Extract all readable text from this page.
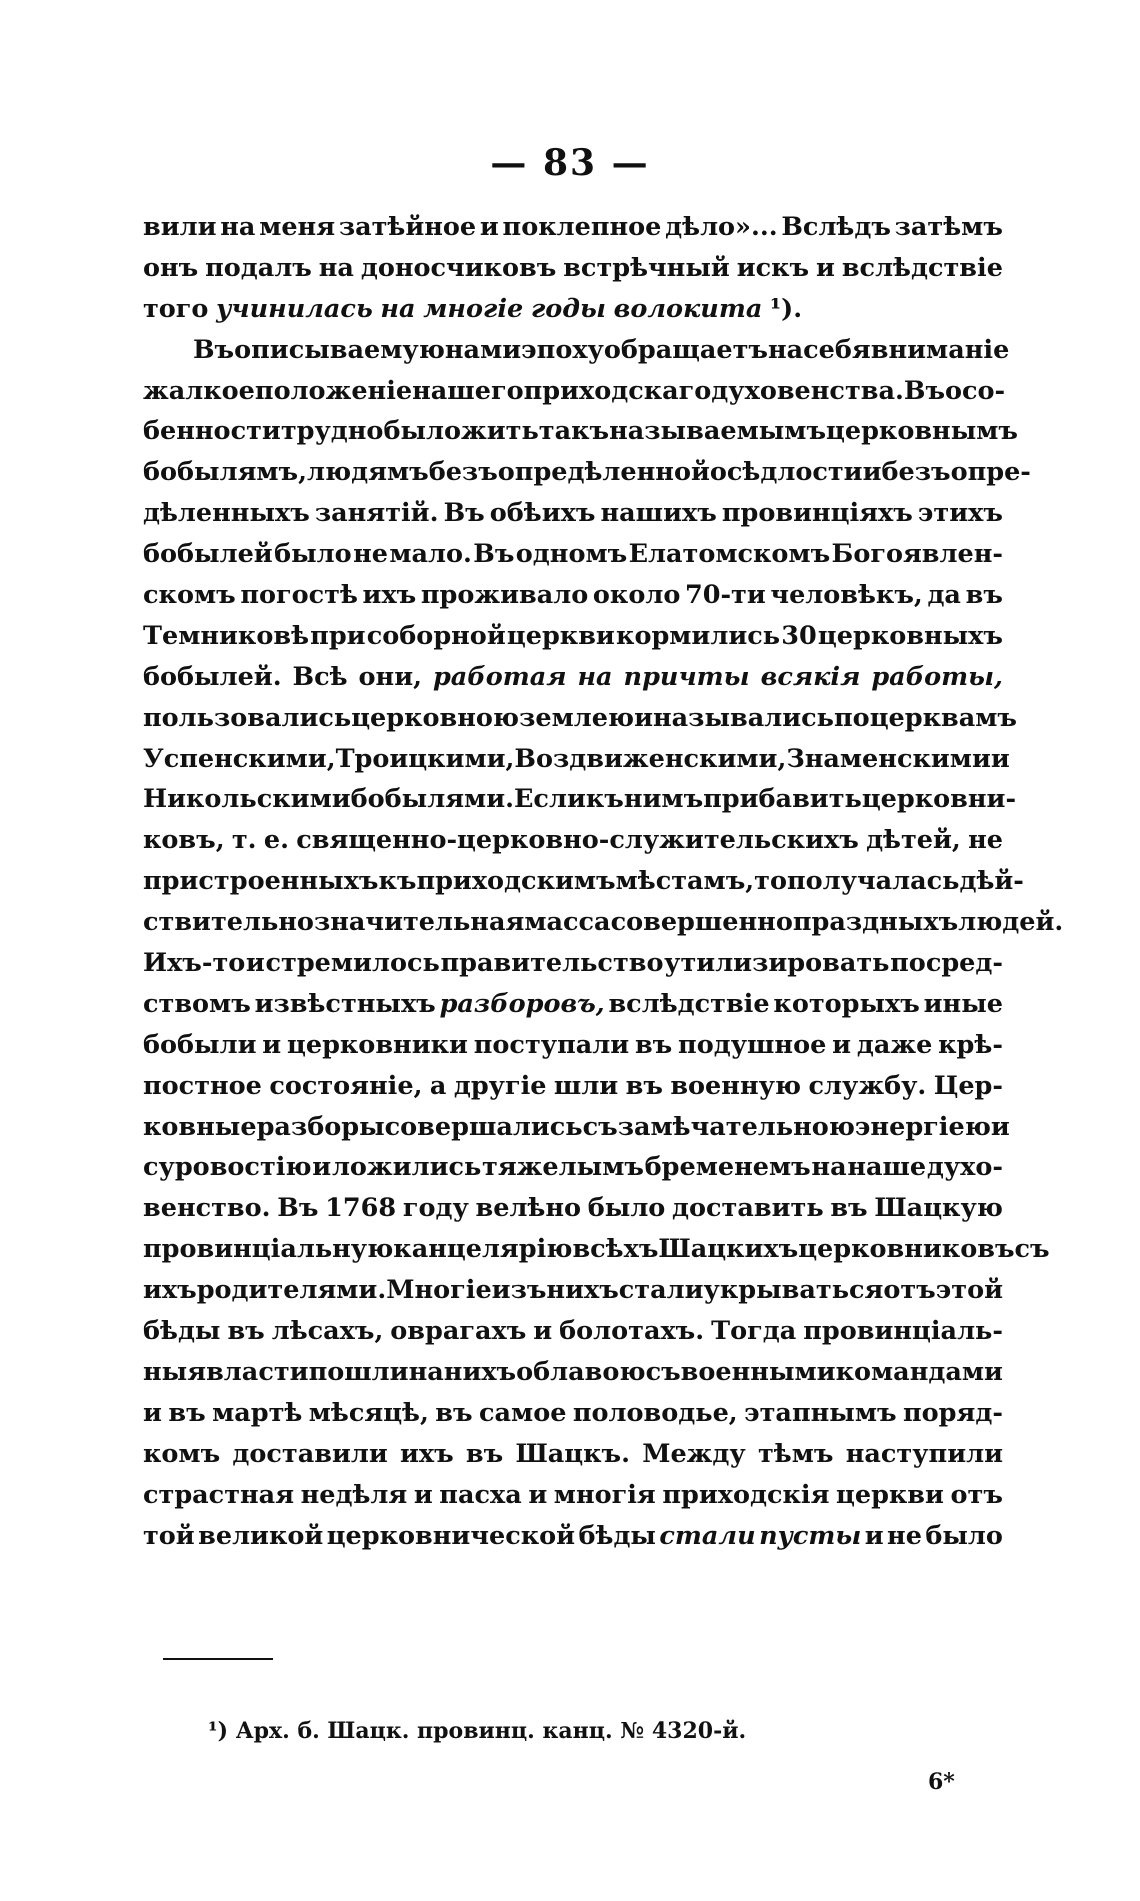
— 83 —
вили на меня затѣйное и поклепное дѣло»... Вслѣдъ затѣмъ
онъ подалъ на доносчиковъ встрѣчный искъ и вслѣдствіе
того учинилась на многіе годы волокита ¹).
Въ описываемую нами эпоху обращаетъ на себя вниманіе
жалкое положеніе нашего приходскаго духовенства. Въ осо-
бенности трудно было жить такъ называемымъ церковнымъ
бобылямъ, людямъ безъ опредѣленной осѣдлости и безъ опре-
дѣленныхъ занятій. Въ обѣихъ нашихъ провинціяхъ этихъ
бобылей было не мало. Въ одномъ Елатомскомъ Богоявлен-
скомъ погостѣ ихъ проживало около 70-ти человѣкъ, да въ
Темниковѣ при соборной церкви кормились 30 церковныхъ
бобылей. Всѣ они, работая на причты всякія работы,
пользовались церковною землею и назывались по церквамъ
Успенскими, Троицкими, Воздвиженскими, Знаменскими и
Никольскими бобылями. Если къ нимъ прибавить церковни-
ковъ, т. е. священно-церковно-служительскихъ дѣтей, не
пристроенныхъ къ приходскимъ мѣстамъ, то получалась дѣй-
ствительно значительная масса совершенно праздныхъ людей.
Ихъ-то и стремилось правительство утилизировать посред-
ствомъ извѣстныхъ разборовъ, вслѣдствіе которыхъ иные
бобыли и церковники поступали въ подушное и даже крѣ-
постное состояніе, а другіе шли въ военную службу. Цер-
ковные разборы совершались съ замѣчательною энергіею и
суровостію и ложились тяжелымъ бременемъ на наше духо-
венство. Въ 1768 году велѣно было доставить въ Шацкую
провинціальную канцелярію всѣхъ Шацкихъ церковниковъ съ
ихъ родителями. Многіе изъ нихъ стали укрываться отъ этой
бѣды въ лѣсахъ, оврагахъ и болотахъ. Тогда провинціаль-
ныя власти пошли на нихъ облавою съ военными командами
и въ мартѣ мѣсяцѣ, въ самое половодье, этапнымъ поряд-
комъ доставили ихъ въ Шацкъ. Между тѣмъ наступили
страстная недѣля и пасха и многія приходскія церкви отъ
той великой церковнической бѣды стали пусты и не было
¹) Арх. б. Шацк. провинц. канц. № 4320-й.
6*
